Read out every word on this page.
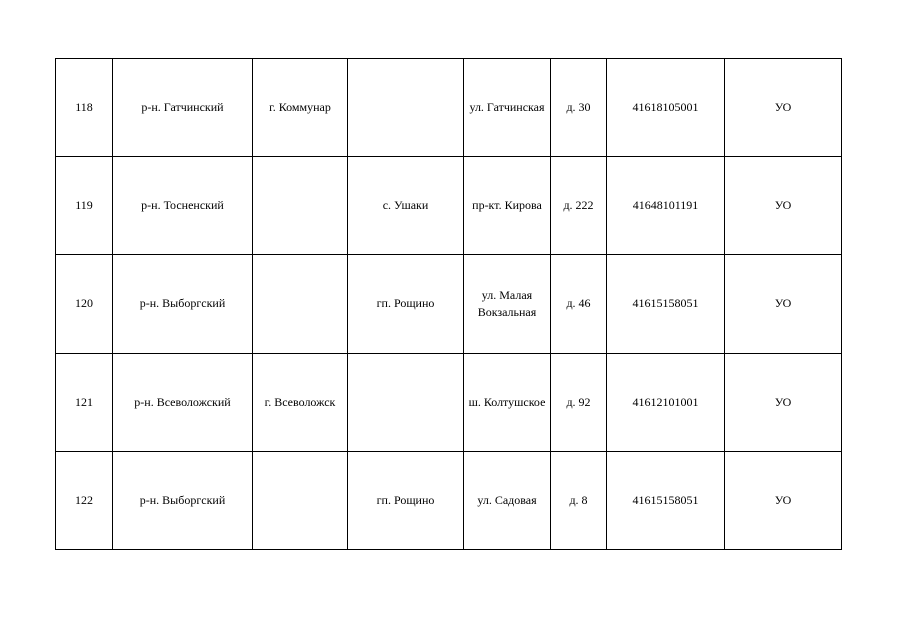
118	р-н. Гатчинский	г. Коммунар		ул. Гатчинская	д. 30	41618105001	УО
119	р-н. Тосненский		с. Ушаки	пр-кт. Кирова	д. 222	41648101191	УО
120	р-н. Выборгский		гп. Рощино	ул. Малая Вокзальная	д. 46	41615158051	УО
121	р-н. Всеволожский	г. Всеволожск		ш. Колтушское	д. 92	41612101001	УО
122	р-н. Выборгский		гп. Рощино	ул. Садовая	д. 8	41615158051	УО
